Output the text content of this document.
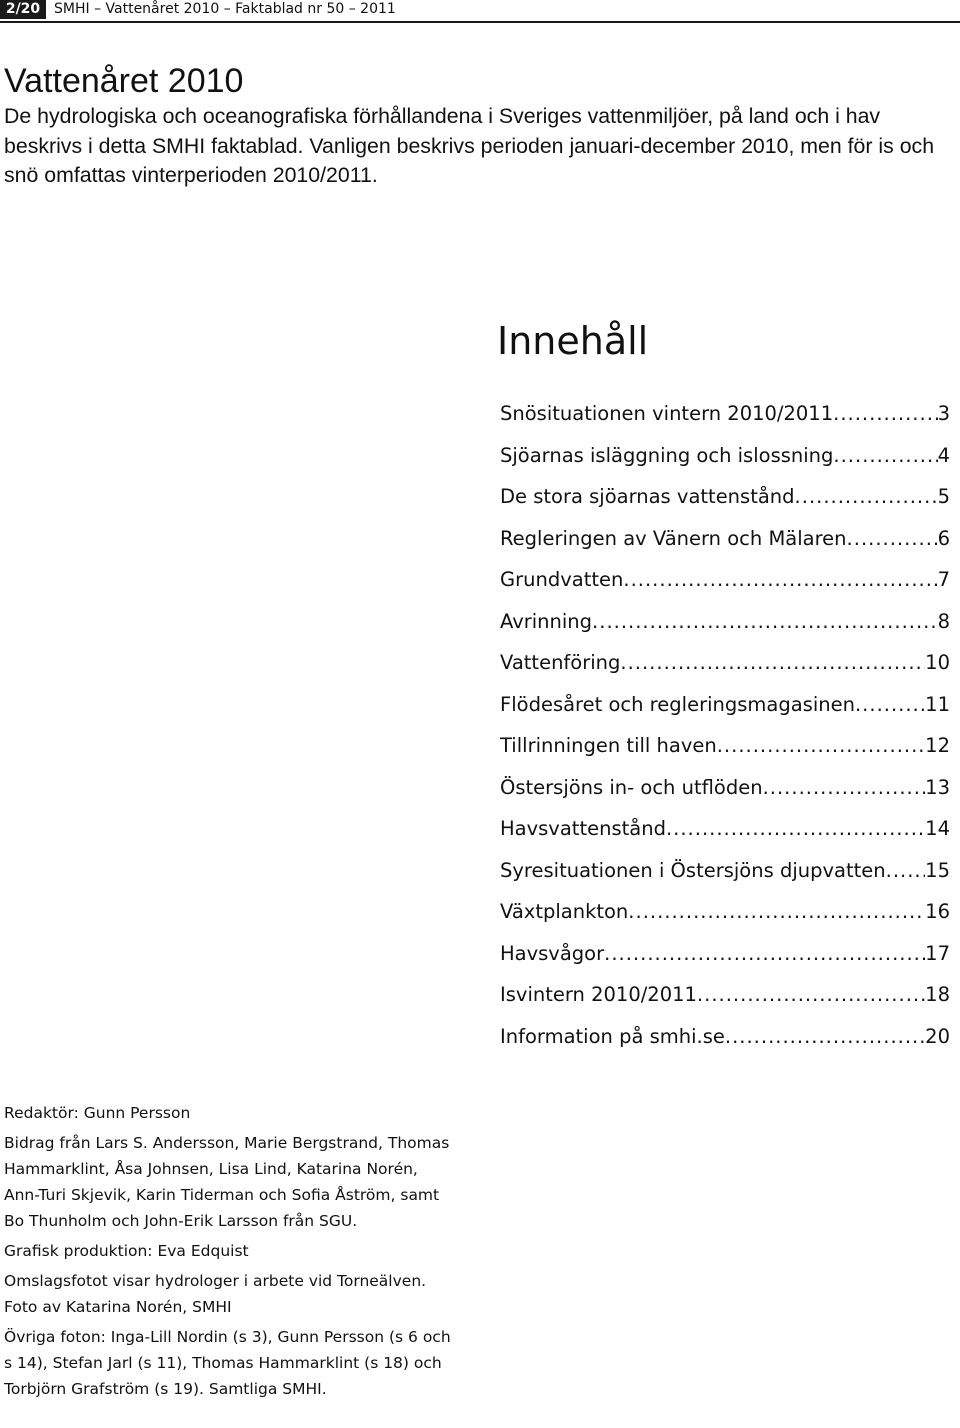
2/20 SMHI – Vattenåret 2010 – Faktablad nr 50 – 2011
Vattenåret 2010

De hydrologiska och oceanografiska förhållandena i Sveriges vattenmiljöer, på land och i hav beskrivs i detta SMHI faktablad. Vanligen beskrivs perioden januari-december 2010, men för is och snö omfattas vinterperioden 2010/2011.

Innehåll
Snösituationen vintern 2010/2011 .....	3
Sjöarnas isläggning och islossning .....	4
De stora sjöarnas vattenstånd .....	5
Regleringen av Vänern och Mälaren .....	6
Grundvatten .....	7
Avrinning .....	8
Vattenföring .....	10
Flödesåret och regleringsmagasinen .....	11
Tillrinningen till haven .....	12
Östersjöns in- och utflöden .....	13
Havsvattenstånd .....	14
Syresituationen i Östersjöns djupvatten ..... 15
Växtplankton .....	16
Havsvågor .....	17
Isvintern 2010/2011 .....	18
Information på smhi.se .....	20

Redaktör: Gunn Persson

Bidrag från Lars S. Andersson, Marie Bergstrand, Thomas Hammarklint, Åsa Johnsen, Lisa Lind, Katarina Norén, Ann-Turi Skjevik, Karin Tiderman och Sofia Åström, samt Bo Thunholm och John-Erik Larsson från SGU.

Grafisk produktion: Eva Edquist

Omslagsfotot visar hydrologer i arbete vid Torneälven.

Foto av Katarina Norén, SMHI

Övriga foton: Inga-Lill Nordin (s 3), Gunn Persson (s 6 och s 14), Stefan Jarl (s 11), Thomas Hammarklint (s 18) och Torbjörn Grafström (s 19). Samtliga SMHI.
